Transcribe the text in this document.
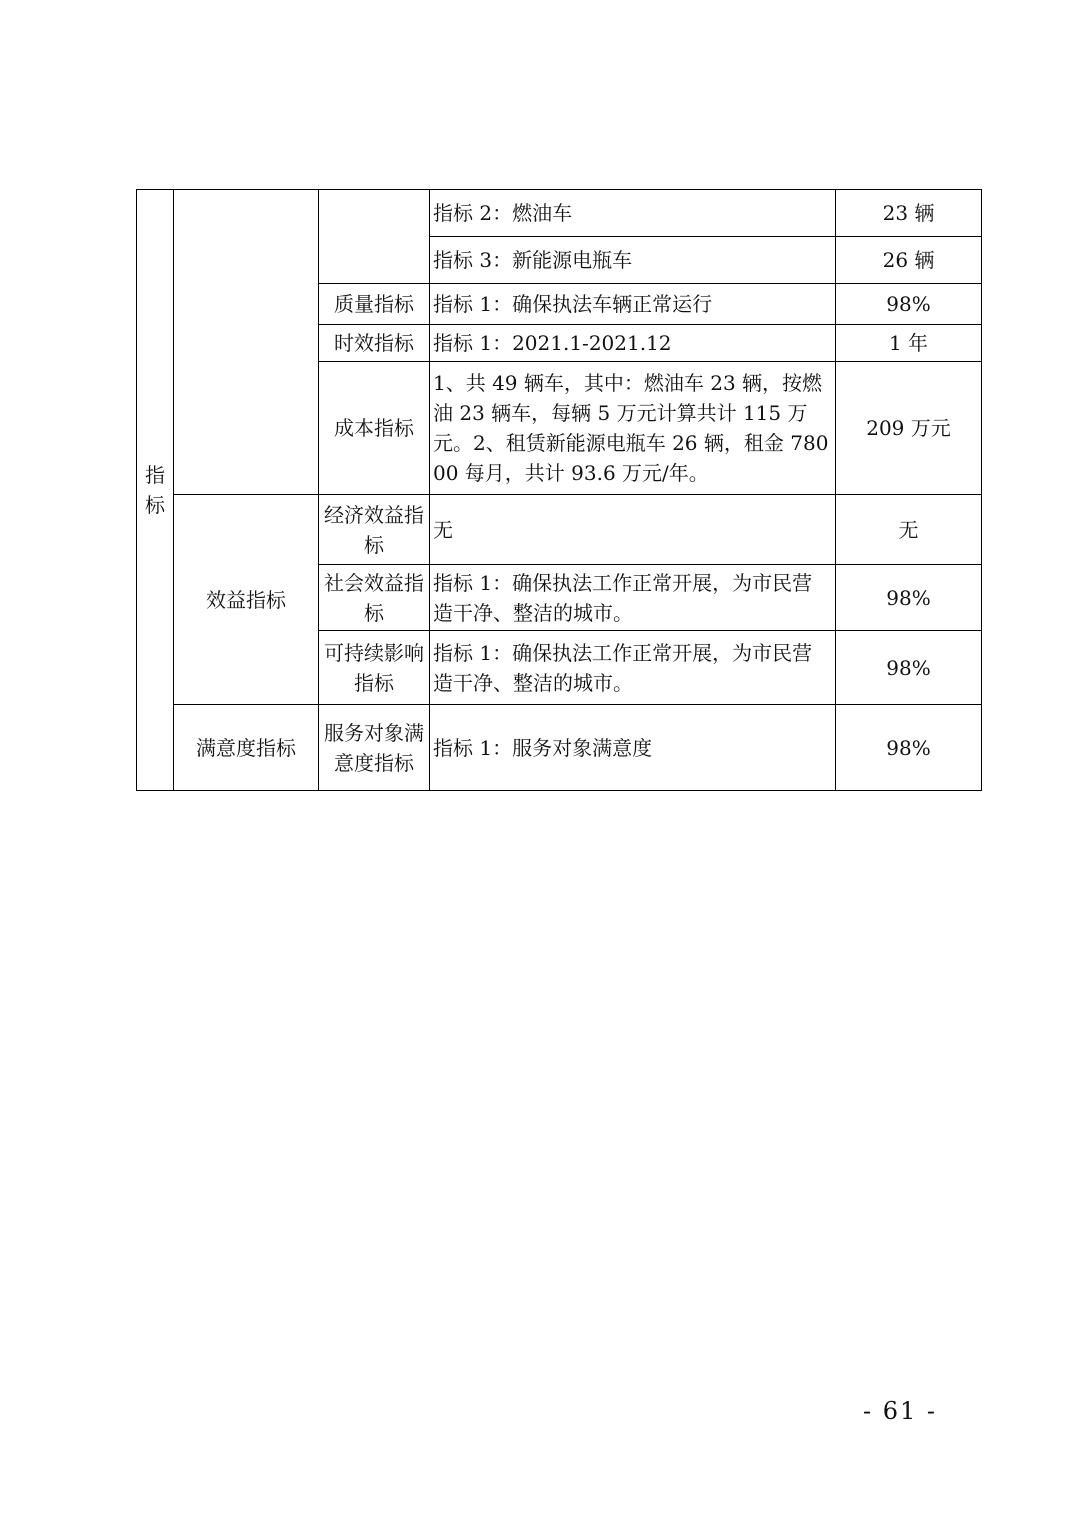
指
标			指标 2：燃油车	23 辆
			指标 3：新能源电瓶车	26 辆
		质量指标	指标 1：确保执法车辆正常运行	98%
		时效指标	指标 1：2021.1-2021.12	1 年
		成本指标	1、共 49 辆车，其中：燃油车 23 辆，按燃油 23 辆车，每辆 5 万元计算共计 115 万元。2、租赁新能源电瓶车 26 辆，租金 78000 每月，共计 93.6 万元/年。	209 万元
	效益指标	经济效益指标	无	无
		社会效益指标	指标 1：确保执法工作正常开展，为市民营造干净、整洁的城市。	98%
		可持续影响指标	指标 1：确保执法工作正常开展，为市民营造干净、整洁的城市。	98%
	满意度指标	服务对象满意度指标	指标 1：服务对象满意度	98%
- 61 -
